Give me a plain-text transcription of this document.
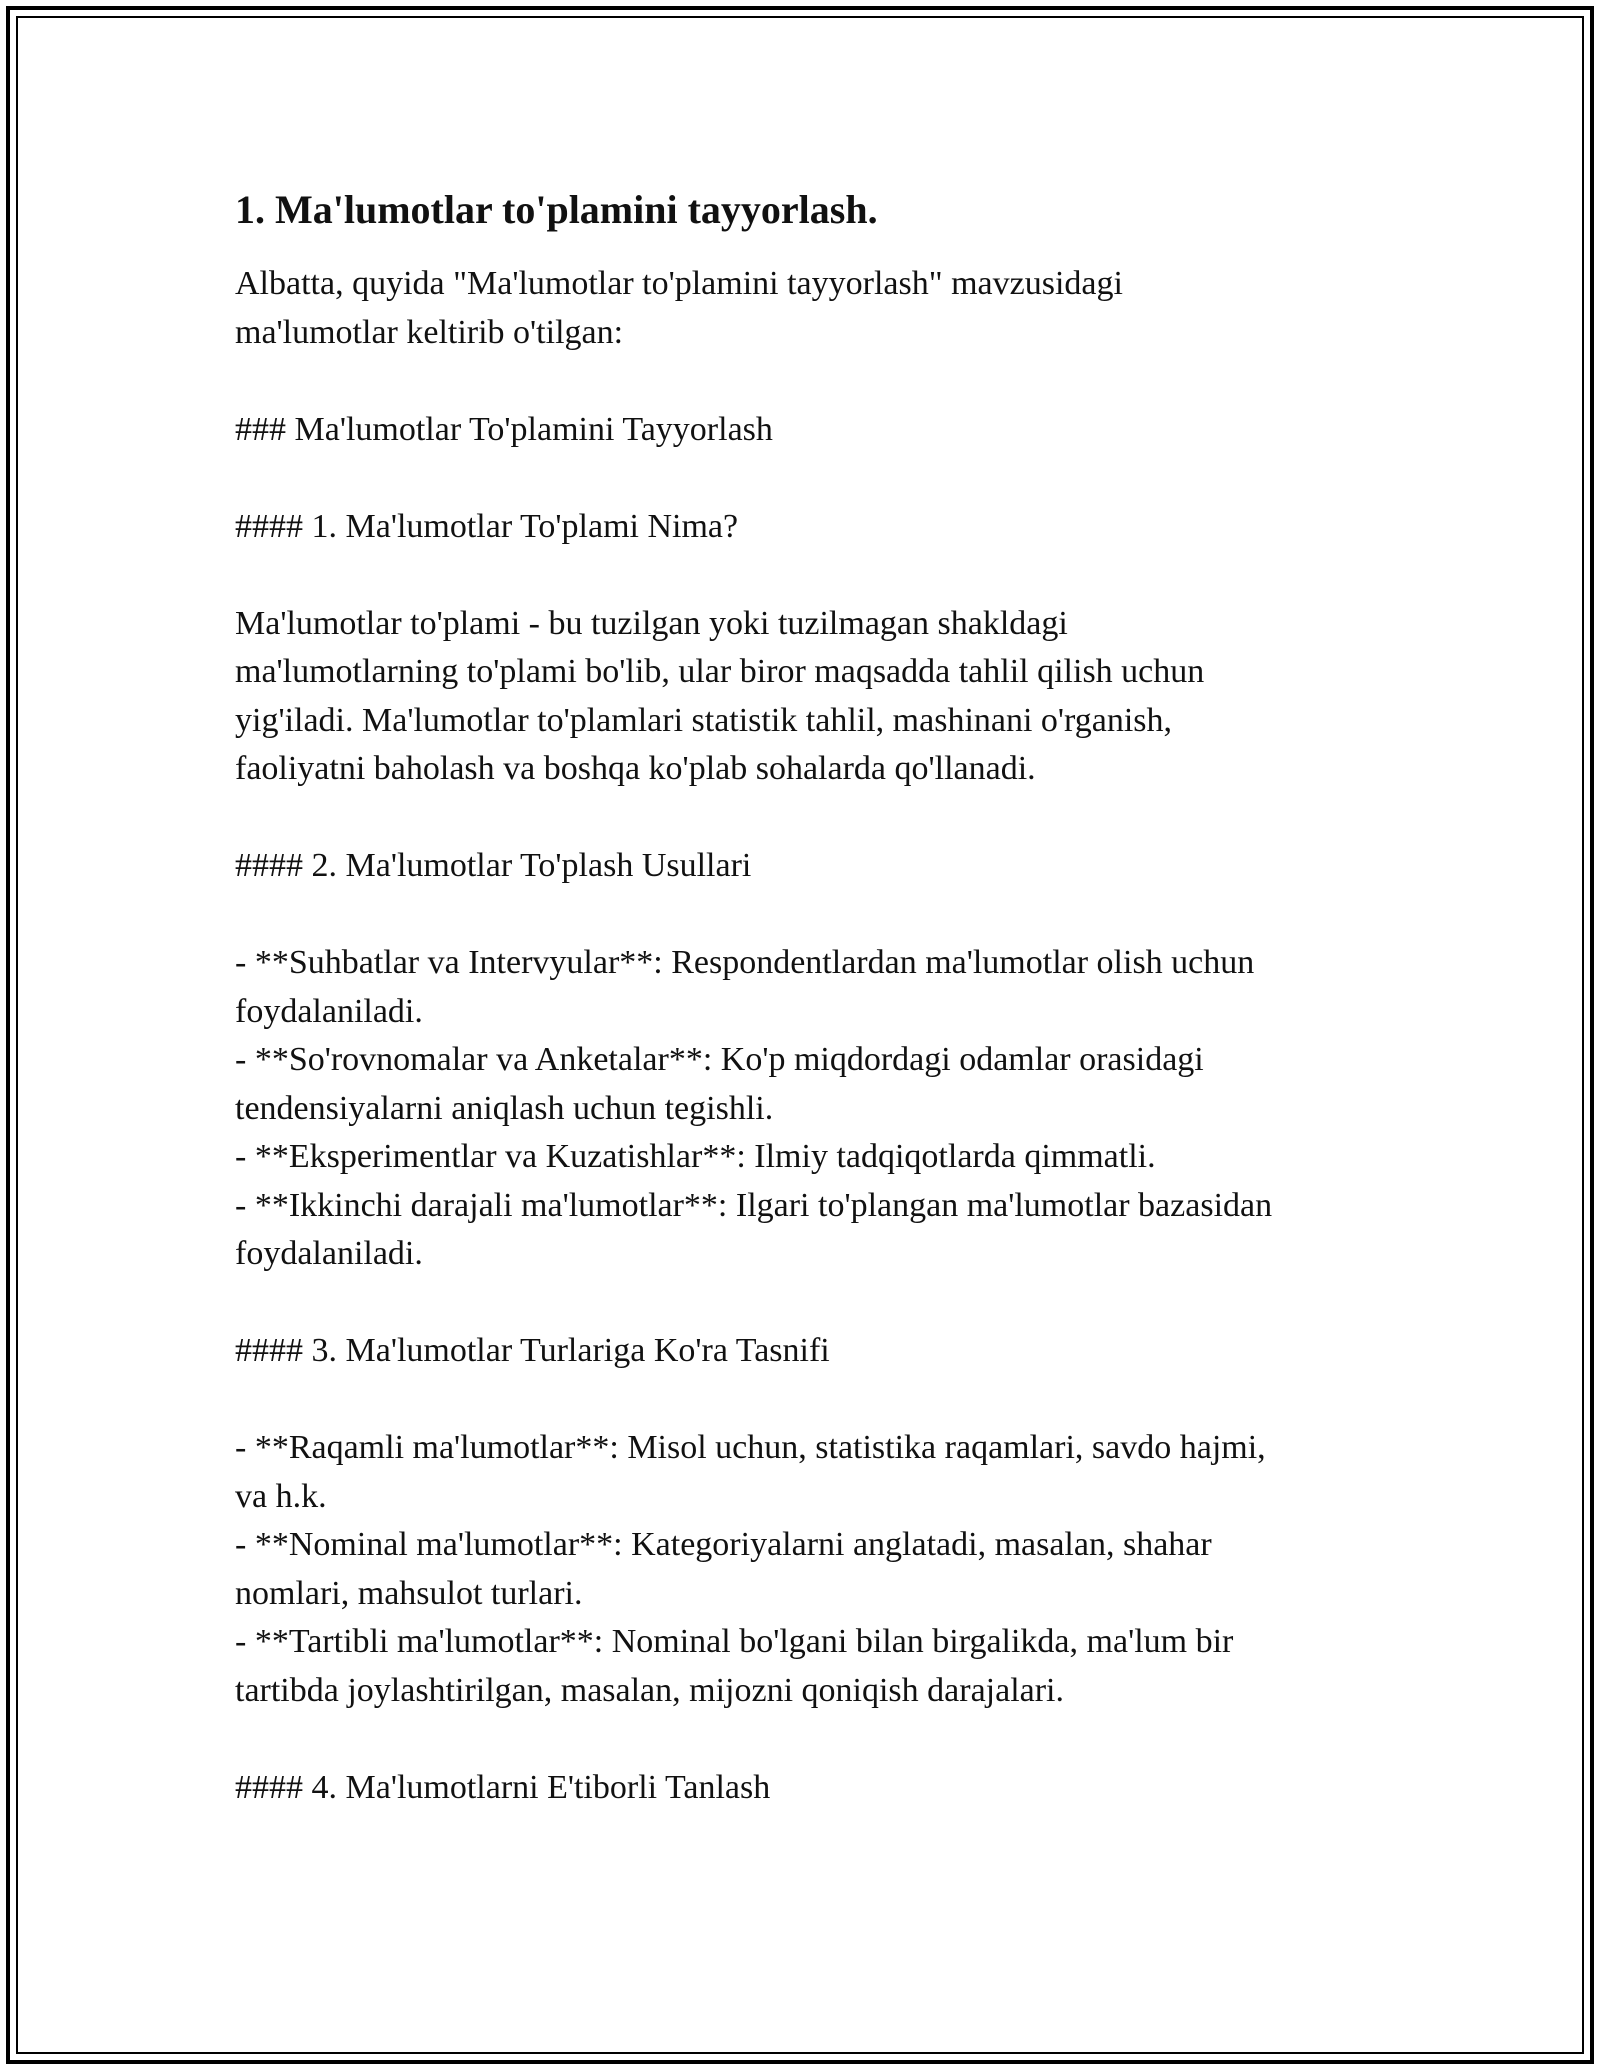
1. Ma'lumotlar to'plamini tayyorlash.

Albatta, quyida "Ma'lumotlar to'plamini tayyorlash" mavzusidagi
ma'lumotlar keltirib o'tilgan:

### Ma'lumotlar To'plamini Tayyorlash

#### 1. Ma'lumotlar To'plami Nima?

Ma'lumotlar to'plami - bu tuzilgan yoki tuzilmagan shakldagi
ma'lumotlarning to'plami bo'lib, ular biror maqsadda tahlil qilish uchun
yig'iladi. Ma'lumotlar to'plamlari statistik tahlil, mashinani o'rganish,
faoliyatni baholash va boshqa ko'plab sohalarda qo'llanadi.

#### 2. Ma'lumotlar To'plash Usullari

- **Suhbatlar va Intervyular**: Respondentlardan ma'lumotlar olish uchun
foydalaniladi.

- **So'rovnomalar va Anketalar**: Ko'p miqdordagi odamlar orasidagi
tendensiyalarni aniqlash uchun tegishli.

- **Eksperimentlar va Kuzatishlar**: Ilmiy tadqiqotlarda qimmatli.

- **Ikkinchi darajali ma'lumotlar**: Ilgari to'plangan ma'lumotlar bazasidan
foydalaniladi.

#### 3. Ma'lumotlar Turlariga Ko'ra Tasnifi

- **Raqamli ma'lumotlar**: Misol uchun, statistika raqamlari, savdo hajmi,
va h.k.

- **Nominal ma'lumotlar**: Kategoriyalarni anglatadi, masalan, shahar
nomlari, mahsulot turlari.

- **Tartibli ma'lumotlar**: Nominal bo'lgani bilan birgalikda, ma'lum bir
tartibda joylashtirilgan, masalan, mijozni qoniqish darajalari.

#### 4. Ma'lumotlarni E'tiborli Tanlash
